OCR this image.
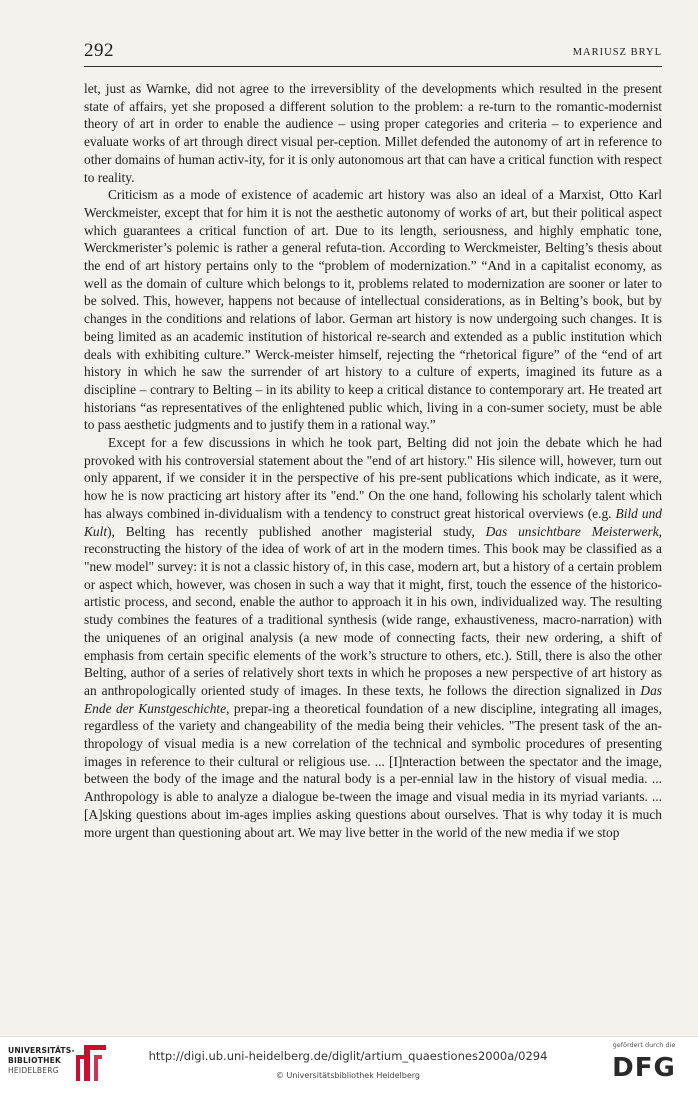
292	MARIUSZ BRYL

let, just as Warnke, did not agree to the irreversiblity of the developments which resulted in the present state of affairs, yet she proposed a different solution to the problem: a re-turn to the romantic-modernist theory of art in order to enable the audience – using proper categories and criteria – to experience and evaluate works of art through direct visual per-ception. Millet defended the autonomy of art in reference to other domains of human activ-ity, for it is only autonomous art that can have a critical function with respect to reality.

Criticism as a mode of existence of academic art history was also an ideal of a Marxist, Otto Karl Werckmeister, except that for him it is not the aesthetic autonomy of works of art, but their political aspect which guarantees a critical function of art. Due to its length, seriousness, and highly emphatic tone, Werckmerister’s polemic is rather a general refuta-tion. According to Werckmeister, Belting’s thesis about the end of art history pertains only to the “problem of modernization.” “And in a capitalist economy, as well as the domain of culture which belongs to it, problems related to modernization are sooner or later to be solved. This, however, happens not because of intellectual considerations, as in Belting’s book, but by changes in the conditions and relations of labor. German art history is now undergoing such changes. It is being limited as an academic institution of historical re-search and extended as a public institution which deals with exhibiting culture.” Werck-meister himself, rejecting the “rhetorical figure” of the “end of art history in which he saw the surrender of art history to a culture of experts, imagined its future as a discipline – contrary to Belting – in its ability to keep a critical distance to contemporary art. He treated art historians “as representatives of the enlightened public which, living in a con-sumer society, must be able to pass aesthetic judgments and to justify them in a rational way.”

Except for a few discussions in which he took part, Belting did not join the debate which he had provoked with his controversial statement about the "end of art history." His silence will, however, turn out only apparent, if we consider it in the perspective of his pre-sent publications which indicate, as it were, how he is now practicing art history after its "end." On the one hand, following his scholarly talent which has always combined in-dividualism with a tendency to construct great historical overviews (e.g. Bild und Kult), Belting has recently published another magisterial study, Das unsichtbare Meisterwerk, reconstructing the history of the idea of work of art in the modern times. This book may be classified as a "new model" survey: it is not a classic history of, in this case, modern art, but a history of a certain problem or aspect which, however, was chosen in such a way that it might, first, touch the essence of the historico-artistic process, and second, enable the author to approach it in his own, individualized way. The resulting study combines the features of a traditional synthesis (wide range, exhaustiveness, macro-narration) with the uniquenes of an original analysis (a new mode of connecting facts, their new ordering, a shift of emphasis from certain specific elements of the work’s structure to others, etc.). Still, there is also the other Belting, author of a series of relatively short texts in which he proposes a new perspective of art history as an anthropologically oriented study of images. In these texts, he follows the direction signalized in Das Ende der Kunstgeschichte, prepar-ing a theoretical foundation of a new discipline, integrating all images, regardless of the variety and changeability of the media being their vehicles. "The present task of the an-thropology of visual media is a new correlation of the technical and symbolic procedures of presenting images in reference to their cultural or religious use. ... [I]nteraction between the spectator and the image, between the body of the image and the natural body is a per-ennial law in the history of visual media. ... Anthropology is able to analyze a dialogue be-tween the image and visual media in its myriad variants. ... [A]sking questions about im-ages implies asking questions about ourselves. That is why today it is much more urgent than questioning about art. We may live better in the world of the new media if we stop

UNIVERSITÄTS-
BIBLIOTHEK
HEIDELBERG
http://digi.ub.uni-heidelberg.de/diglit/artium_quaestiones2000a/0294
© Universitätsbibliothek Heidelberg
gefördert durch die
DFG
